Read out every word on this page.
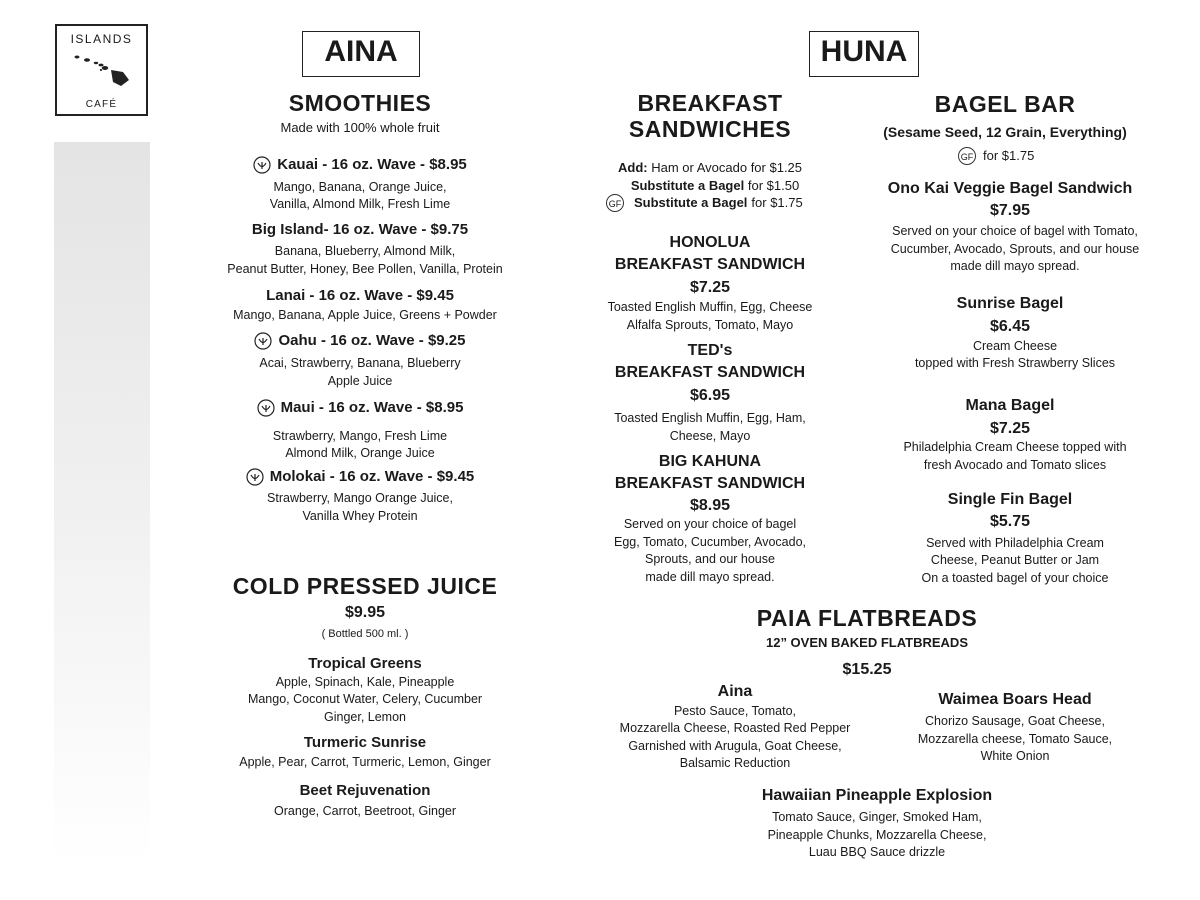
ISLANDS
CAFÉ
AINA
SMOOTHIES
Made with 100% whole fruit
Kauai - 16 oz. Wave - $8.95
Mango, Banana, Orange Juice,
Vanilla, Almond Milk, Fresh Lime
Big Island- 16 oz. Wave - $9.75
Banana, Blueberry, Almond Milk,
Peanut Butter, Honey, Bee Pollen, Vanilla, Protein
Lanai - 16 oz. Wave - $9.45
Mango, Banana, Apple Juice, Greens + Powder
Oahu - 16 oz. Wave - $9.25
Acai, Strawberry, Banana, Blueberry
Apple Juice
Maui - 16 oz. Wave - $8.95
Strawberry, Mango, Fresh Lime
Almond Milk, Orange Juice
Molokai - 16 oz. Wave - $9.45
Strawberry, Mango Orange Juice,
Vanilla Whey Protein
COLD PRESSED JUICE
$9.95
( Bottled 500 ml. )
Tropical Greens
Apple, Spinach, Kale, Pineapple
Mango, Coconut Water, Celery, Cucumber
Ginger, Lemon
Turmeric Sunrise
Apple, Pear, Carrot, Turmeric, Lemon, Ginger
Beet Rejuvenation
Orange, Carrot, Beetroot, Ginger
HUNA
BREAKFAST
SANDWICHES
Add: Ham or Avocado for $1.25
Substitute a Bagel for $1.50
GF Substitute a Bagel for $1.75
HONOLUA
BREAKFAST SANDWICH
$7.25
Toasted English Muffin, Egg, Cheese
Alfalfa Sprouts, Tomato, Mayo
TED's
BREAKFAST SANDWICH
$6.95
Toasted English Muffin, Egg, Ham,
Cheese, Mayo
BIG KAHUNA
BREAKFAST SANDWICH
$8.95
Served on your choice of bagel
Egg, Tomato, Cucumber, Avocado,
Sprouts, and our house
made dill mayo spread.
BAGEL BAR
(Sesame Seed, 12 Grain, Everything)
GF for $1.75
Ono Kai Veggie Bagel Sandwich
$7.95
Served on your choice of bagel with Tomato,
Cucumber, Avocado, Sprouts, and our house
made dill mayo spread.
Sunrise Bagel
$6.45
Cream Cheese
topped with Fresh Strawberry Slices
Mana Bagel
$7.25
Philadelphia Cream Cheese topped with
fresh Avocado and Tomato slices
Single Fin Bagel
$5.75
Served with Philadelphia Cream
Cheese, Peanut Butter or Jam
On a toasted bagel of your choice
PAIA FLATBREADS
12” OVEN BAKED FLATBREADS
$15.25
Aina
Pesto Sauce, Tomato,
Mozzarella Cheese, Roasted Red Pepper
Garnished with Arugula, Goat Cheese,
Balsamic Reduction
Waimea Boars Head
Chorizo Sausage, Goat Cheese,
Mozzarella cheese, Tomato Sauce,
White Onion
Hawaiian Pineapple Explosion
Tomato Sauce, Ginger, Smoked Ham,
Pineapple Chunks, Mozzarella Cheese,
Luau BBQ Sauce drizzle
